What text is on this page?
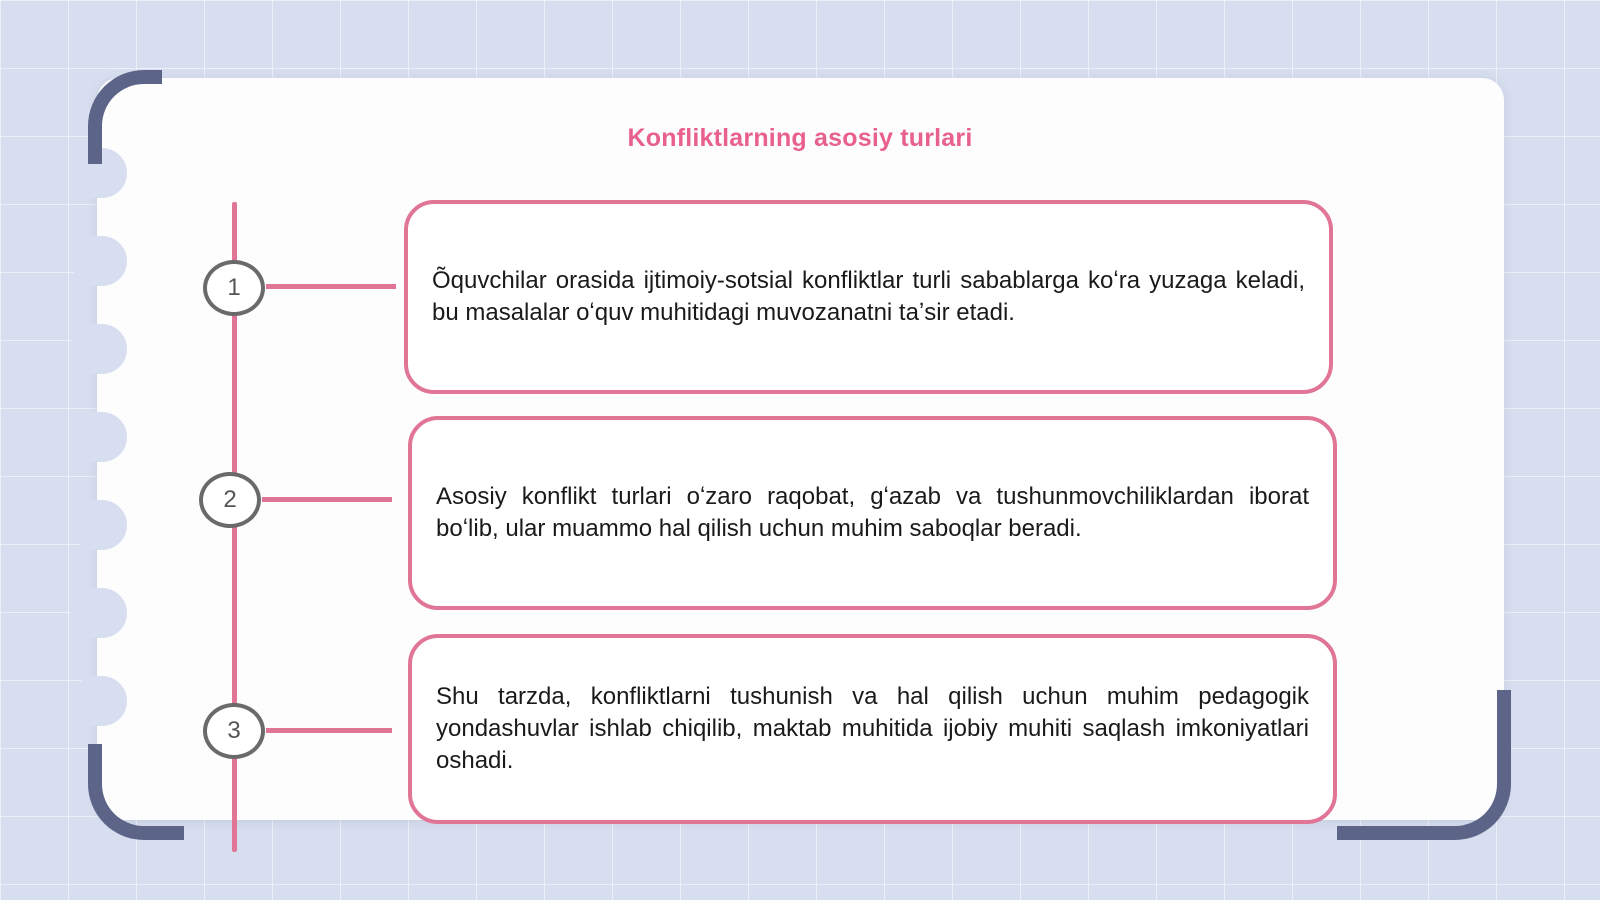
Konfliktlarning asosiy turlari
1	Õquvchilar orasida ijtimoiy-sotsial konfliktlar turli sabablarga koʻra yuzaga keladi, bu masalalar oʻquv muhitidagi muvozanatni taʼsir etadi.
2	Asosiy konflikt turlari oʻzaro raqobat, gʻazab va tushunmovchiliklardan iborat boʻlib, ular muammo hal qilish uchun muhim saboqlar beradi.
3
Shu tarzda, konfliktlarni tushunish va hal qilish uchun muhim pedagogik yondashuvlar ishlab chiqilib, maktab muhitida ijobiy muhiti saqlash imkoniyatlari oshadi.
